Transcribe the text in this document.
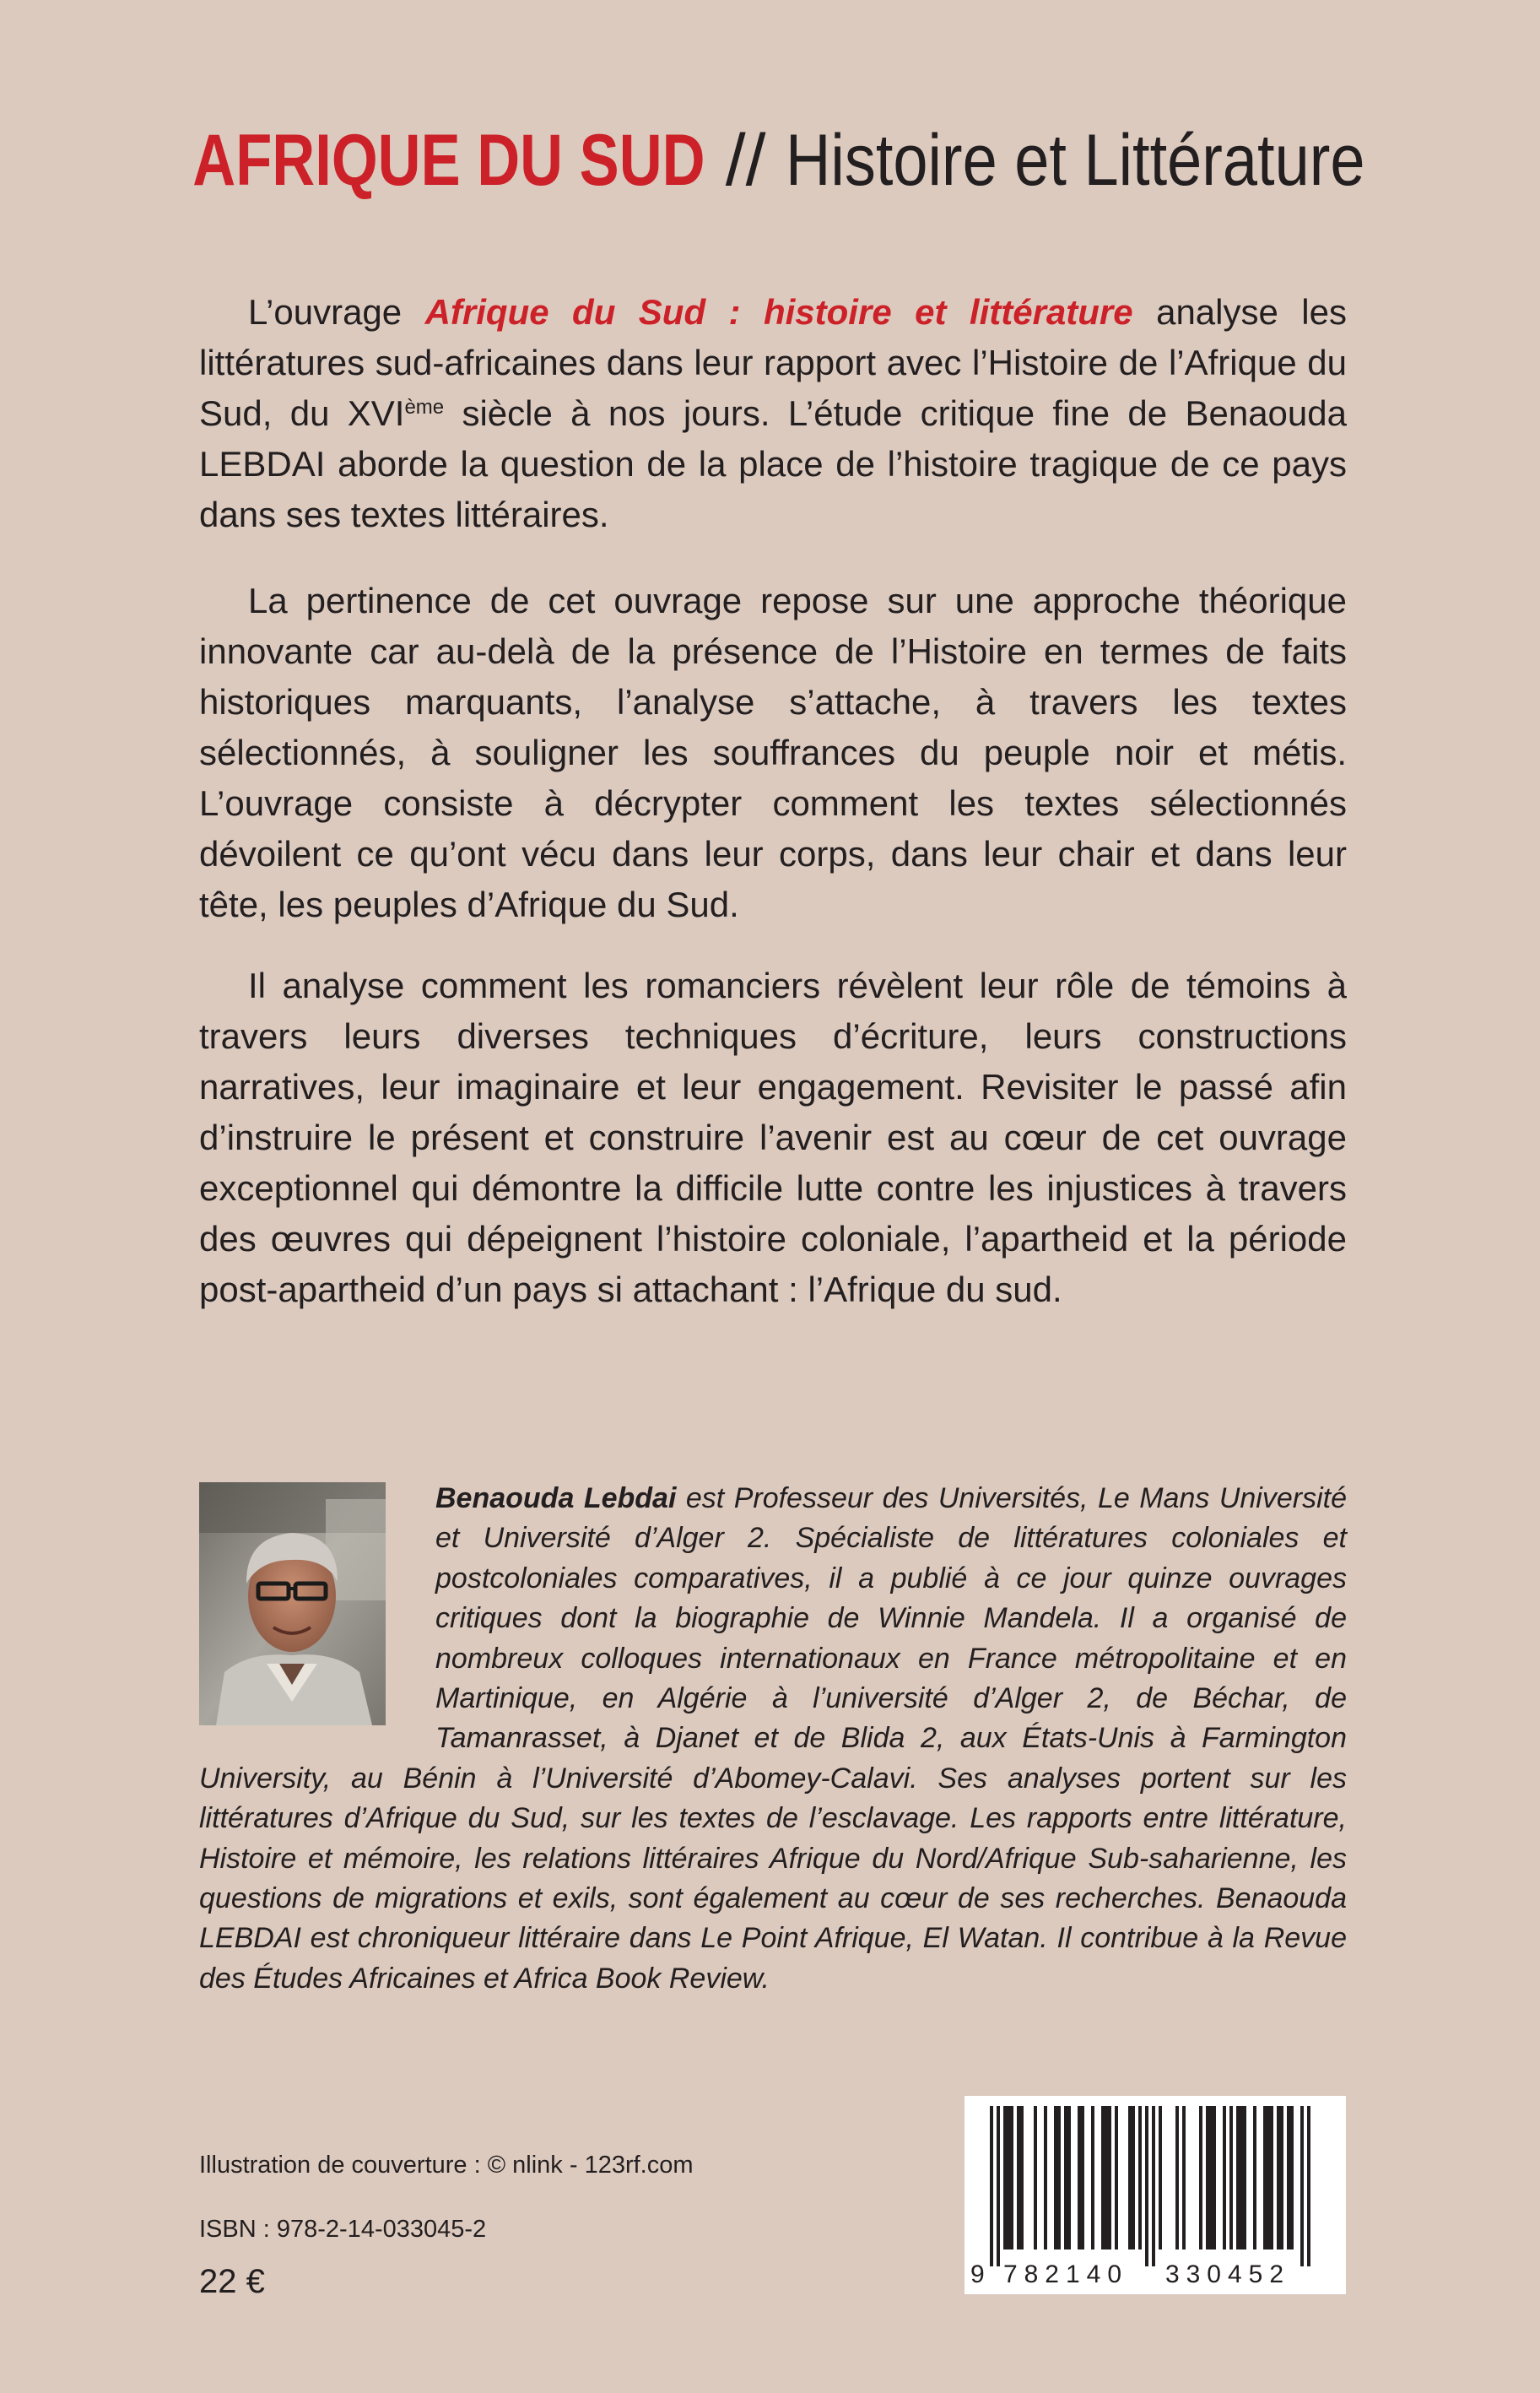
AFRIQUE DU SUD // Histoire et Littérature

L’ouvrage Afrique du Sud : histoire et littérature analyse les littératures sud-africaines dans leur rapport avec l’Histoire de l’Afrique du Sud, du XVIème siècle à nos jours. L’étude critique fine de Benaouda LEBDAI aborde la question de la place de l’histoire tragique de ce pays dans ses textes littéraires.

La pertinence de cet ouvrage repose sur une approche théorique innovante car au-delà de la présence de l’Histoire en termes de faits historiques marquants, l’analyse s’attache, à travers les textes sélectionnés, à souligner les souffrances du peuple noir et métis. L’ouvrage consiste à décrypter comment les textes sélectionnés dévoilent ce qu’ont vécu dans leur corps, dans leur chair et dans leur tête, les peuples d’Afrique du Sud.

Il analyse comment les romanciers révèlent leur rôle de témoins à travers leurs diverses techniques d’écriture, leurs constructions narratives, leur imaginaire et leur engagement. Revisiter le passé afin d’instruire le présent et construire l’avenir est au cœur de cet ouvrage exceptionnel qui démontre la difficile lutte contre les injustices à travers des œuvres qui dépeignent l’histoire coloniale, l’apartheid et la période post-apartheid d’un pays si attachant : l’Afrique du sud.

Benaouda Lebdai est Professeur des Universités, Le Mans Université et Université d’Alger 2. Spécialiste de littératures coloniales et postcoloniales comparatives, il a publié à ce jour quinze ouvrages critiques dont la biographie de Winnie Mandela. Il a organisé de nombreux colloques internationaux en France métropolitaine et en Martinique, en Algérie à l’université d’Alger 2, de Béchar, de Tamanrasset, à Djanet et de Blida 2, aux États-Unis à Farmington University, au Bénin à l’Université d’Abomey-Calavi. Ses analyses portent sur les littératures d’Afrique du Sud, sur les textes de l’esclavage. Les rapports entre littérature, Histoire et mémoire, les relations littéraires Afrique du Nord/Afrique Sub-saharienne, les questions de migrations et exils, sont également au cœur de ses recherches. Benaouda LEBDAI est chroniqueur littéraire dans Le Point Afrique, El Watan. Il contribue à la Revue des Études Africaines et Africa Book Review.

Illustration de couverture : © nlink - 123rf.com
ISBN : 978-2-14-033045-2
22 €	9 782140 330452
